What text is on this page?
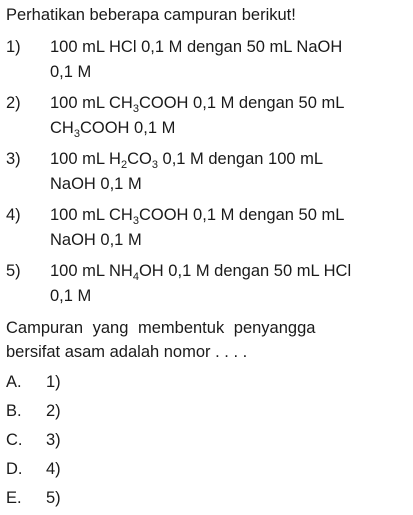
Perhatikan beberapa campuran berikut!
1) 100 mL HCl 0,1 M dengan 50 mL NaOH
0,1 M
2) 100 mL $CH_3COOH$ 0,1 M dengan 50 mL
$CH_3COOH$ 0,1 M
3) 100 mL $H_2CO_3$ 0,1 M dengan 100 mL
NaOH 0,1 M
4) 100 mL $CH_3COOH$ 0,1 M dengan 50 mL
NaOH 0,1 M
5) 100 mL $NH_4OH$ 0,1 M dengan 50 mL HCl
0,1 M
Campuran yang membentuk penyangga
bersifat asam adalah nomor . . . .
A. 1)
B. 2)
C. 3)
D. 4)
E. 5)
